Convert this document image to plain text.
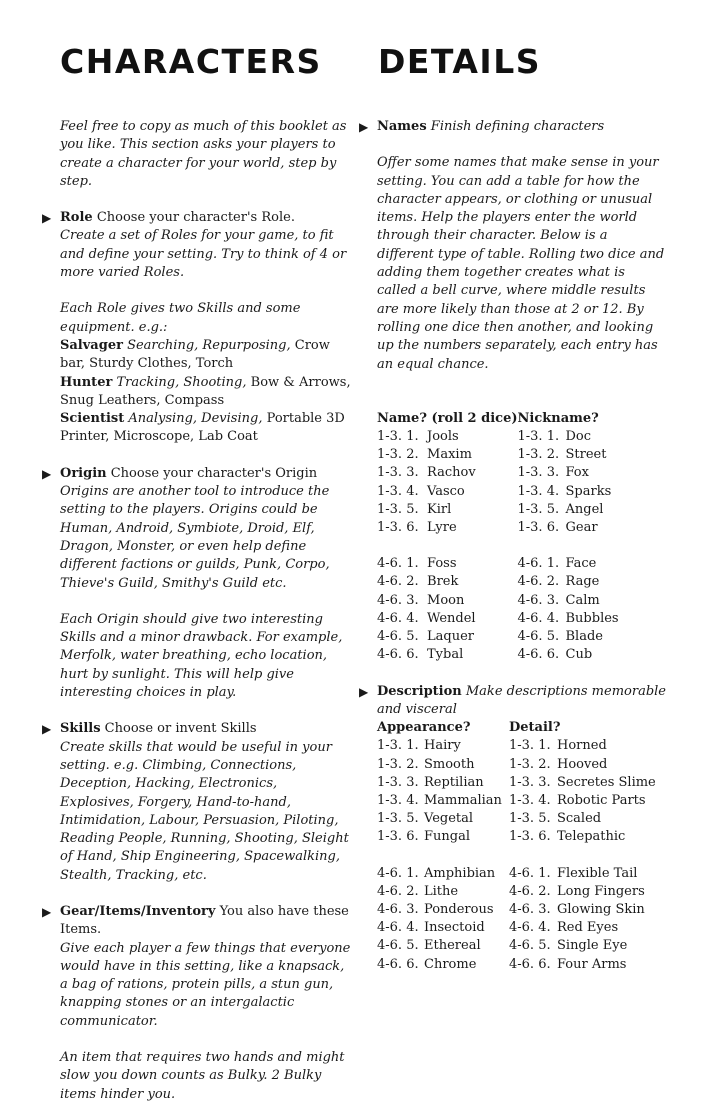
CHARACTERS DETAILS

Feel free to copy as much of this booklet as you like. This section asks your players to create a character for your world, step by step.

▶ Role Choose your character's Role.

Create a set of Roles for your game, to fit and define your setting. Try to think of 4 or more varied Roles.

Each Role gives two Skills and some equipment. e.g.:

Salvager Searching, Repurposing, Crow bar, Sturdy Clothes, Torch

Hunter Tracking, Shooting, Bow & Arrows, Snug Leathers, Compass

Scientist Analysing, Devising, Portable 3D Printer, Microscope, Lab Coat

▶ Origin Choose your character's Origin

Origins are another tool to introduce the setting to the players. Origins could be Human, Android, Symbiote, Droid, Elf, Dragon, Monster, or even help define different factions or guilds, Punk, Corpo, Thieve's Guild, Smithy's Guild etc.

Each Origin should give two interesting Skills and a minor drawback. For example, Merfolk, water breathing, echo location, hurt by sunlight. This will help give interesting choices in play.

▶ Skills Choose or invent Skills

Create skills that would be useful in your setting. e.g. Climbing, Connections, Deception, Hacking, Electronics, Explosives, Forgery, Hand-to-hand, Intimidation, Labour, Persuasion, Piloting, Reading People, Running, Shooting, Sleight of Hand, Ship Engineering, Spacewalking, Stealth, Tracking, etc.

▶ Gear/Items/Inventory You also have these Items.

Give each player a few things that everyone would have in this setting, like a knapsack, a bag of rations, protein pills, a stun gun, knapping stones or an intergalactic communicator.

An item that requires two hands and might slow you down counts as Bulky. 2 Bulky items hinder you.

▶ Names Finish defining characters

Offer some names that make sense in your setting. You can add a table for how the character appears, or clothing or unusual items. Help the players enter the world through their character. Below is a different type of table. Rolling two dice and adding them together creates what is called a bell curve, where middle results are more likely than those at 2 or 12. By rolling one dice then another, and looking up the numbers separately, each entry has an equal chance.

Name? (roll 2 dice)		Nickname?	
1-3. 1.	Jools	1-3. 1.	Doc
1-3. 2.	Maxim	1-3. 2.	Street
1-3. 3.	Rachov	1-3. 3.	Fox
1-3. 4.	Vasco	1-3. 4.	Sparks
1-3. 5.	Kirl	1-3. 5.	Angel
1-3. 6.	Lyre	1-3. 6.	Gear

4-6. 1.	Foss	4-6. 1.	Face
4-6. 2.	Brek	4-6. 2.	Rage
4-6. 3.	Moon	4-6. 3.	Calm
4-6. 4.	Wendel	4-6. 4.	Bubbles
4-6. 5.	Laquer	4-6. 5.	Blade
4-6. 6.	Tybal	4-6. 6.	Cub
▶ Description Make descriptions memorable and visceral
Appearance?		Detail?	
1-3. 1.	Hairy	1-3. 1.	Horned
1-3. 2.	Smooth	1-3. 2.	Hooved
1-3. 3.	Reptilian	1-3. 3.	Secretes Slime
1-3. 4.	Mammalian	1-3. 4.	Robotic Parts
1-3. 5.	Vegetal	1-3. 5.	Scaled
1-3. 6.	Fungal	1-3. 6.	Telepathic

4-6. 1.	Amphibian	4-6. 1.	Flexible Tail
4-6. 2.	Lithe	4-6. 2.	Long Fingers
4-6. 3.	Ponderous	4-6. 3.	Glowing Skin
4-6. 4.	Insectoid	4-6. 4.	Red Eyes
4-6. 5.	Ethereal	4-6. 5.	Single Eye
4-6. 6.	Chrome	4-6. 6.	Four Arms
